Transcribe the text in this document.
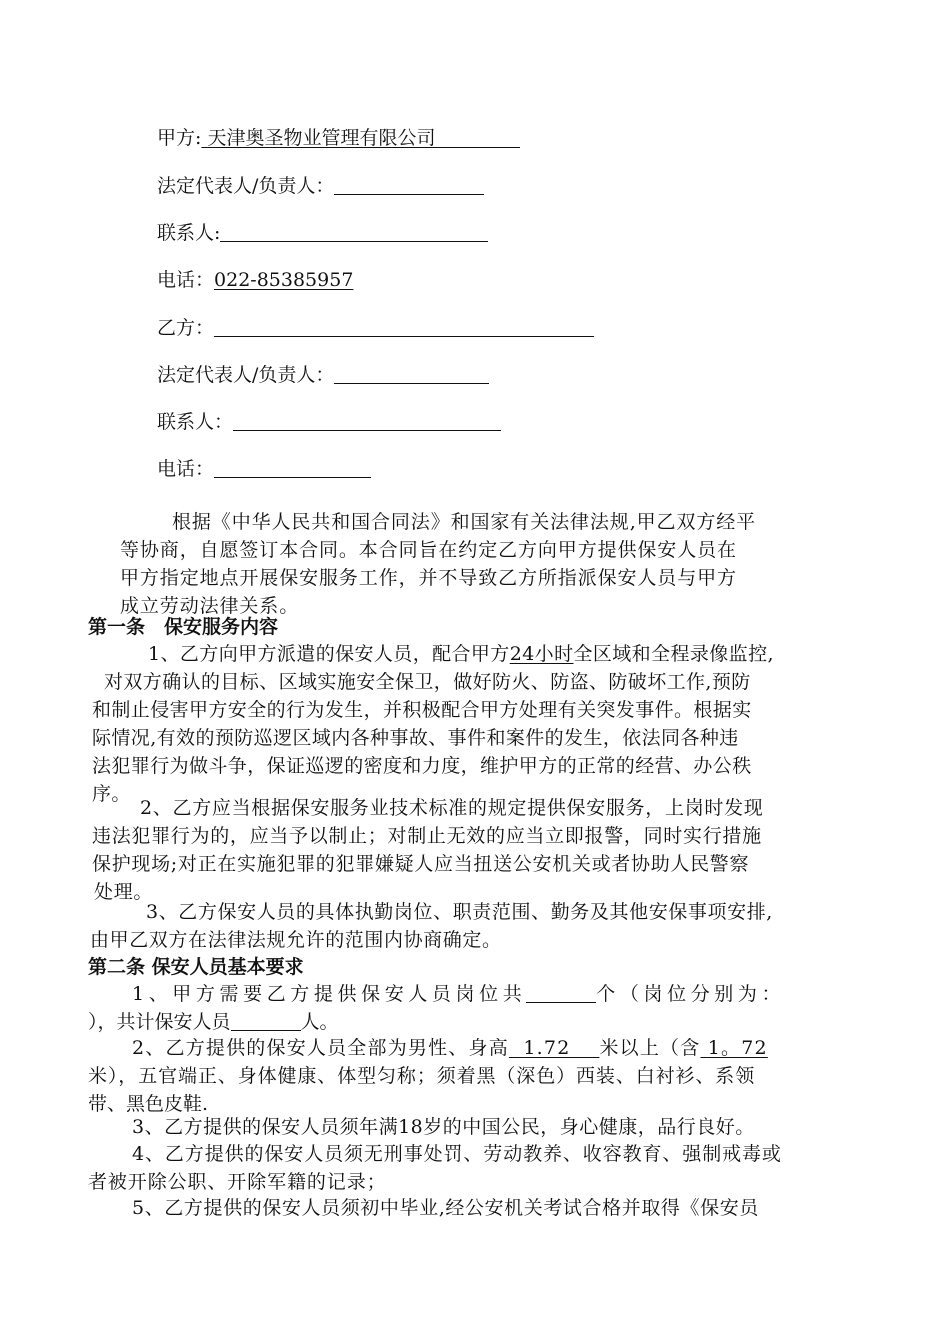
甲方: 天津奥圣物业管理有限公司
法定代表人/负责人：
联系人:
电话：022-85385957
乙方：
法定代表人/负责人：
联系人：
电话：
根据《中华人民共和国合同法》和国家有关法律法规,甲乙双方经平
等协商，自愿签订本合同。本合同旨在约定乙方向甲方提供保安人员在
甲方指定地点开展保安服务工作，并不导致乙方所指派保安人员与甲方
成立劳动法律关系。
第一条　保安服务内容
1、乙方向甲方派遣的保安人员，配合甲方24小时全区域和全程录像监控,
对双方确认的目标、区域实施安全保卫，做好防火、防盗、防破坏工作,预防
和制止侵害甲方安全的行为发生，并积极配合甲方处理有关突发事件。根据实
际情况,有效的预防巡逻区域内各种事故、事件和案件的发生，依法同各种违
法犯罪行为做斗争，保证巡逻的密度和力度，维护甲方的正常的经营、办公秩
序。
2、乙方应当根据保安服务业技术标准的规定提供保安服务，上岗时发现
违法犯罪行为的，应当予以制止；对制止无效的应当立即报警，同时实行措施
保护现场;对正在实施犯罪的犯罪嫌疑人应当扭送公安机关或者协助人民警察
处理。
3、乙方保安人员的具体执勤岗位、职责范围、勤务及其他安保事项安排,
由甲乙双方在法律法规允许的范围内协商确定。
第二条 保安人员基本要求
1、甲方需要乙方提供保安人员岗位共	个（岗位分别为：
），共计保安人员	人。
2、乙方提供的保安人员全部为男性、身高 1.72 米以上（含 1。72
米），五官端正、身体健康、体型匀称；须着黑（深色）西装、白衬衫、系领
带、黑色皮鞋.
3、乙方提供的保安人员须年满18岁的中国公民，身心健康，品行良好。
4、乙方提供的保安人员须无刑事处罚、劳动教养、收容教育、强制戒毒或
者被开除公职、开除军籍的记录；
5、乙方提供的保安人员须初中毕业,经公安机关考试合格并取得《保安员
